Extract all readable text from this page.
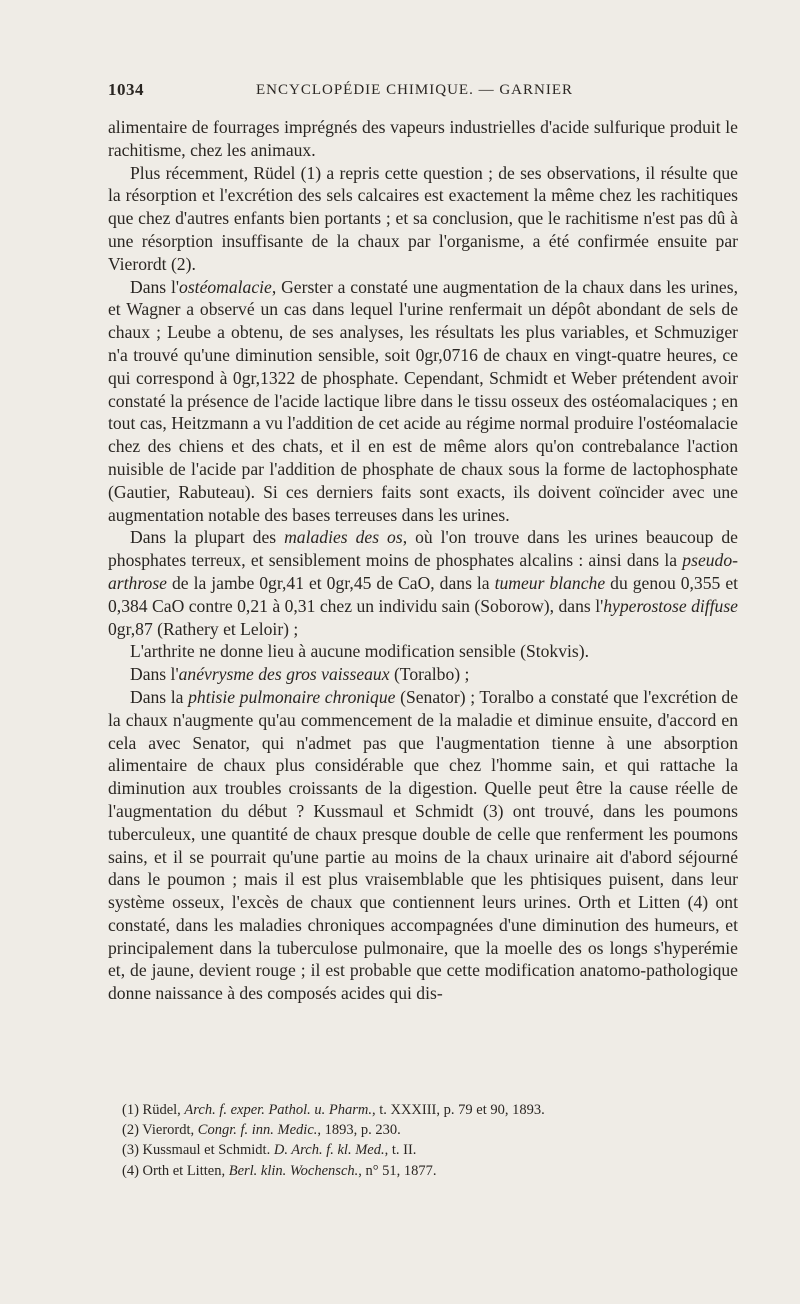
1034	ENCYCLOPÉDIE CHIMIQUE. — GARNIER

alimentaire de fourrages imprégnés des vapeurs industrielles d'acide sulfurique produit le rachitisme, chez les animaux.

Plus récemment, Rüdel (1) a repris cette question ; de ses observations, il résulte que la résorption et l'excrétion des sels calcaires est exactement la même chez les rachitiques que chez d'autres enfants bien portants ; et sa conclusion, que le rachitisme n'est pas dû à une résorption insuffisante de la chaux par l'organisme, a été confirmée ensuite par Vierordt (2).

Dans l'ostéomalacie, Gerster a constaté une augmentation de la chaux dans les urines, et Wagner a observé un cas dans lequel l'urine renfermait un dépôt abondant de sels de chaux ; Leube a obtenu, de ses analyses, les résultats les plus variables, et Schmuziger n'a trouvé qu'une diminution sensible, soit 0gr,0716 de chaux en vingt-quatre heures, ce qui correspond à 0gr,1322 de phosphate. Cependant, Schmidt et Weber prétendent avoir constaté la présence de l'acide lactique libre dans le tissu osseux des ostéomalaciques ; en tout cas, Heitzmann a vu l'addition de cet acide au régime normal produire l'ostéomalacie chez des chiens et des chats, et il en est de même alors qu'on contrebalance l'action nuisible de l'acide par l'addition de phosphate de chaux sous la forme de lactophosphate (Gautier, Rabuteau). Si ces derniers faits sont exacts, ils doivent coïncider avec une augmentation notable des bases terreuses dans les urines.

Dans la plupart des maladies des os, où l'on trouve dans les urines beaucoup de phosphates terreux, et sensiblement moins de phosphates alcalins : ainsi dans la pseudo-arthrose de la jambe 0gr,41 et 0gr,45 de CaO, dans la tumeur blanche du genou 0,355 et 0,384 CaO contre 0,21 à 0,31 chez un individu sain (Soborow), dans l'hyperostose diffuse 0gr,87 (Rathery et Leloir) ;

L'arthrite ne donne lieu à aucune modification sensible (Stokvis).

Dans l'anévrysme des gros vaisseaux (Toralbo) ;

Dans la phtisie pulmonaire chronique (Senator) ; Toralbo a constaté que l'excrétion de la chaux n'augmente qu'au commencement de la maladie et diminue ensuite, d'accord en cela avec Senator, qui n'admet pas que l'augmentation tienne à une absorption alimentaire de chaux plus considérable que chez l'homme sain, et qui rattache la diminution aux troubles croissants de la digestion. Quelle peut être la cause réelle de l'augmentation du début ? Kussmaul et Schmidt (3) ont trouvé, dans les poumons tuberculeux, une quantité de chaux presque double de celle que renferment les poumons sains, et il se pourrait qu'une partie au moins de la chaux urinaire ait d'abord séjourné dans le poumon ; mais il est plus vraisemblable que les phtisiques puisent, dans leur système osseux, l'excès de chaux que contiennent leurs urines. Orth et Litten (4) ont constaté, dans les maladies chroniques accompagnées d'une diminution des humeurs, et principalement dans la tuberculose pulmonaire, que la moelle des os longs s'hyperémie et, de jaune, devient rouge ; il est probable que cette modification anatomo-pathologique donne naissance à des composés acides qui dis-

(1) Rüdel, Arch. f. exper. Pathol. u. Pharm., t. XXXIII, p. 79 et 90, 1893.
(2) Vierordt, Congr. f. inn. Medic., 1893, p. 230.
(3) Kussmaul et Schmidt. D. Arch. f. kl. Med., t. II.
(4) Orth et Litten, Berl. klin. Wochensch., n° 51, 1877.
